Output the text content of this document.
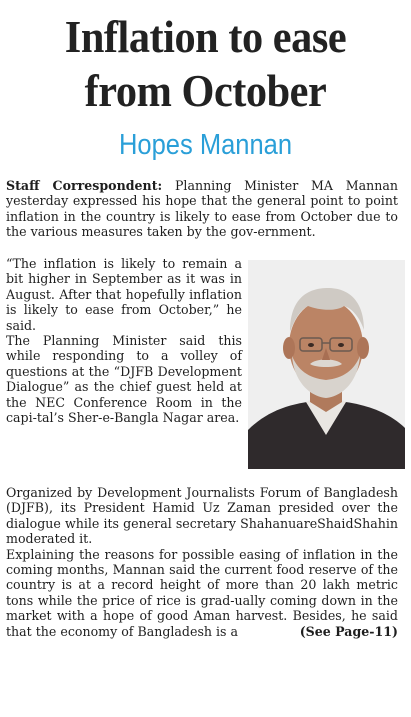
Inflation to ease
from October
Hopes Mannan

Staff Correspondent: Planning Minister MA Mannan yesterday expressed his hope that the general point to point inflation in the country is likely to ease from October due to the various measures taken by the gov-ernment.

“The inflation is likely to remain a bit higher in September as it was in August. After that hopefully inflation is likely to ease from October,” he said.

The Planning Minister said this while responding to a volley of questions at the “DJFB Development Dialogue” as the chief guest held at the NEC Conference Room in the capi-tal’s Sher-e-Bangla Nagar area.

Organized by Development Journalists Forum of Bangladesh (DJFB), its President Hamid Uz Zaman presided over the dialogue while its general secretary ShahanuareShaidShahin moderated it.

Explaining the reasons for possible easing of inflation in the coming months, Mannan said the current food reserve of the country is at a record height of more than 20 lakh metric tons while the price of rice is grad-ually coming down in the market with a hope of good Aman harvest. Besides, he said that the economy of Bangladesh is a	(See Page-11)
